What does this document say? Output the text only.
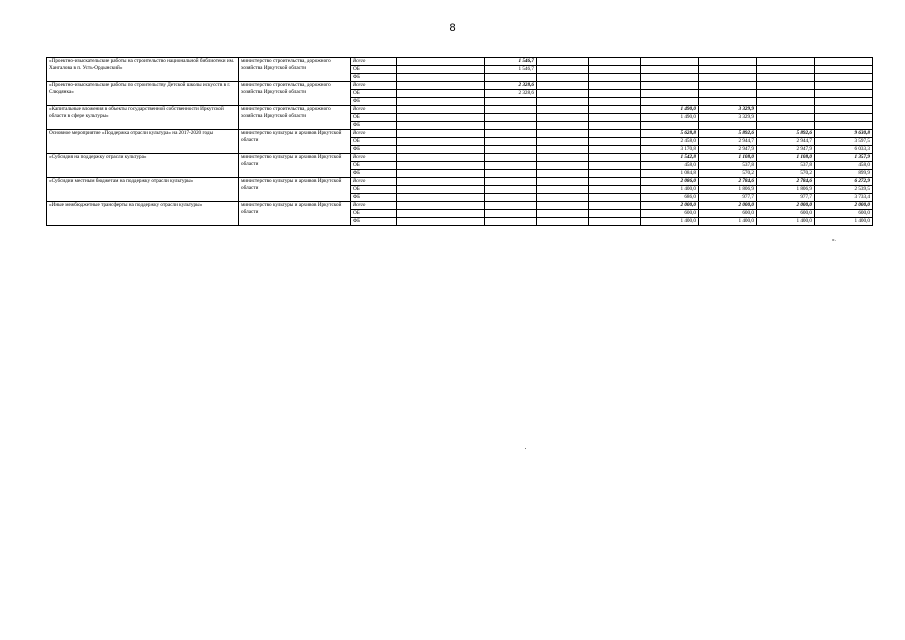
8
«Проектно-изыскательские работы на строительство национальной библиотеки им. Хангалова в п. Усть-Ордынский»	министерство строительства, дорожного хозяйства Иркутской области	Всего		1 546,7						
		ОБ		1 546,7						
		ФБ								
«Проектно-изыскательские работы по строительству Детской школы искусств в г. Слюдянка»	министерство строительства, дорожного хозяйства Иркутской области	Всего		2 328,6						
		ОБ		2 328,6						
		ФБ								
«Капитальные вложения в объекты государственной собственности Иркутской области в сфере культуры»	министерство строительства, дорожного хозяйства Иркутской области	Всего					1 490,0	3 329,9		
		ОБ					1 490,0	3 329,9		
		ФБ								
Основное мероприятие «Поддержка отрасли культура» на 2017-2020 годы	министерство культуры и архивов Иркутской области	Всего					5 628,8	5 892,6	5 892,6	9 630,8
		ОБ					2 458,0	2 944,7	2 944,7	3 597,5
		ФБ					3 170,8	2 947,9	2 947,9	6 033,3
«Субсидия на поддержку отрасли культура»	министерство культуры и архивов Иркутской области	Всего					1 542,8	1 108,0	1 108,0	1 357,9
		ОБ					458,0	537,8	537,8	458,0
		ФБ					1 084,8	570,2	570,2	899,9
«Субсидии местным бюджетам на поддержку отрасли культуры»	министерство культуры и архивов Иркутской области	Всего					2 086,0	2 784,6	2 784,6	6 272,9
		ОБ					1 400,0	1 806,9	1 806,9	2 539,5
		ФБ					686,0	977,7	977,7	3 733,4
«Иные межбюджетные трансферты на поддержку отрасли культуры»	министерство культуры и архивов Иркутской области	Всего					2 000,0	2 000,0	2 000,0	2 000,0
		ОБ					600,0	600,0	600,0	600,0
		ФБ					1 400,0	1 400,0	1 400,0	1 400,0
».
